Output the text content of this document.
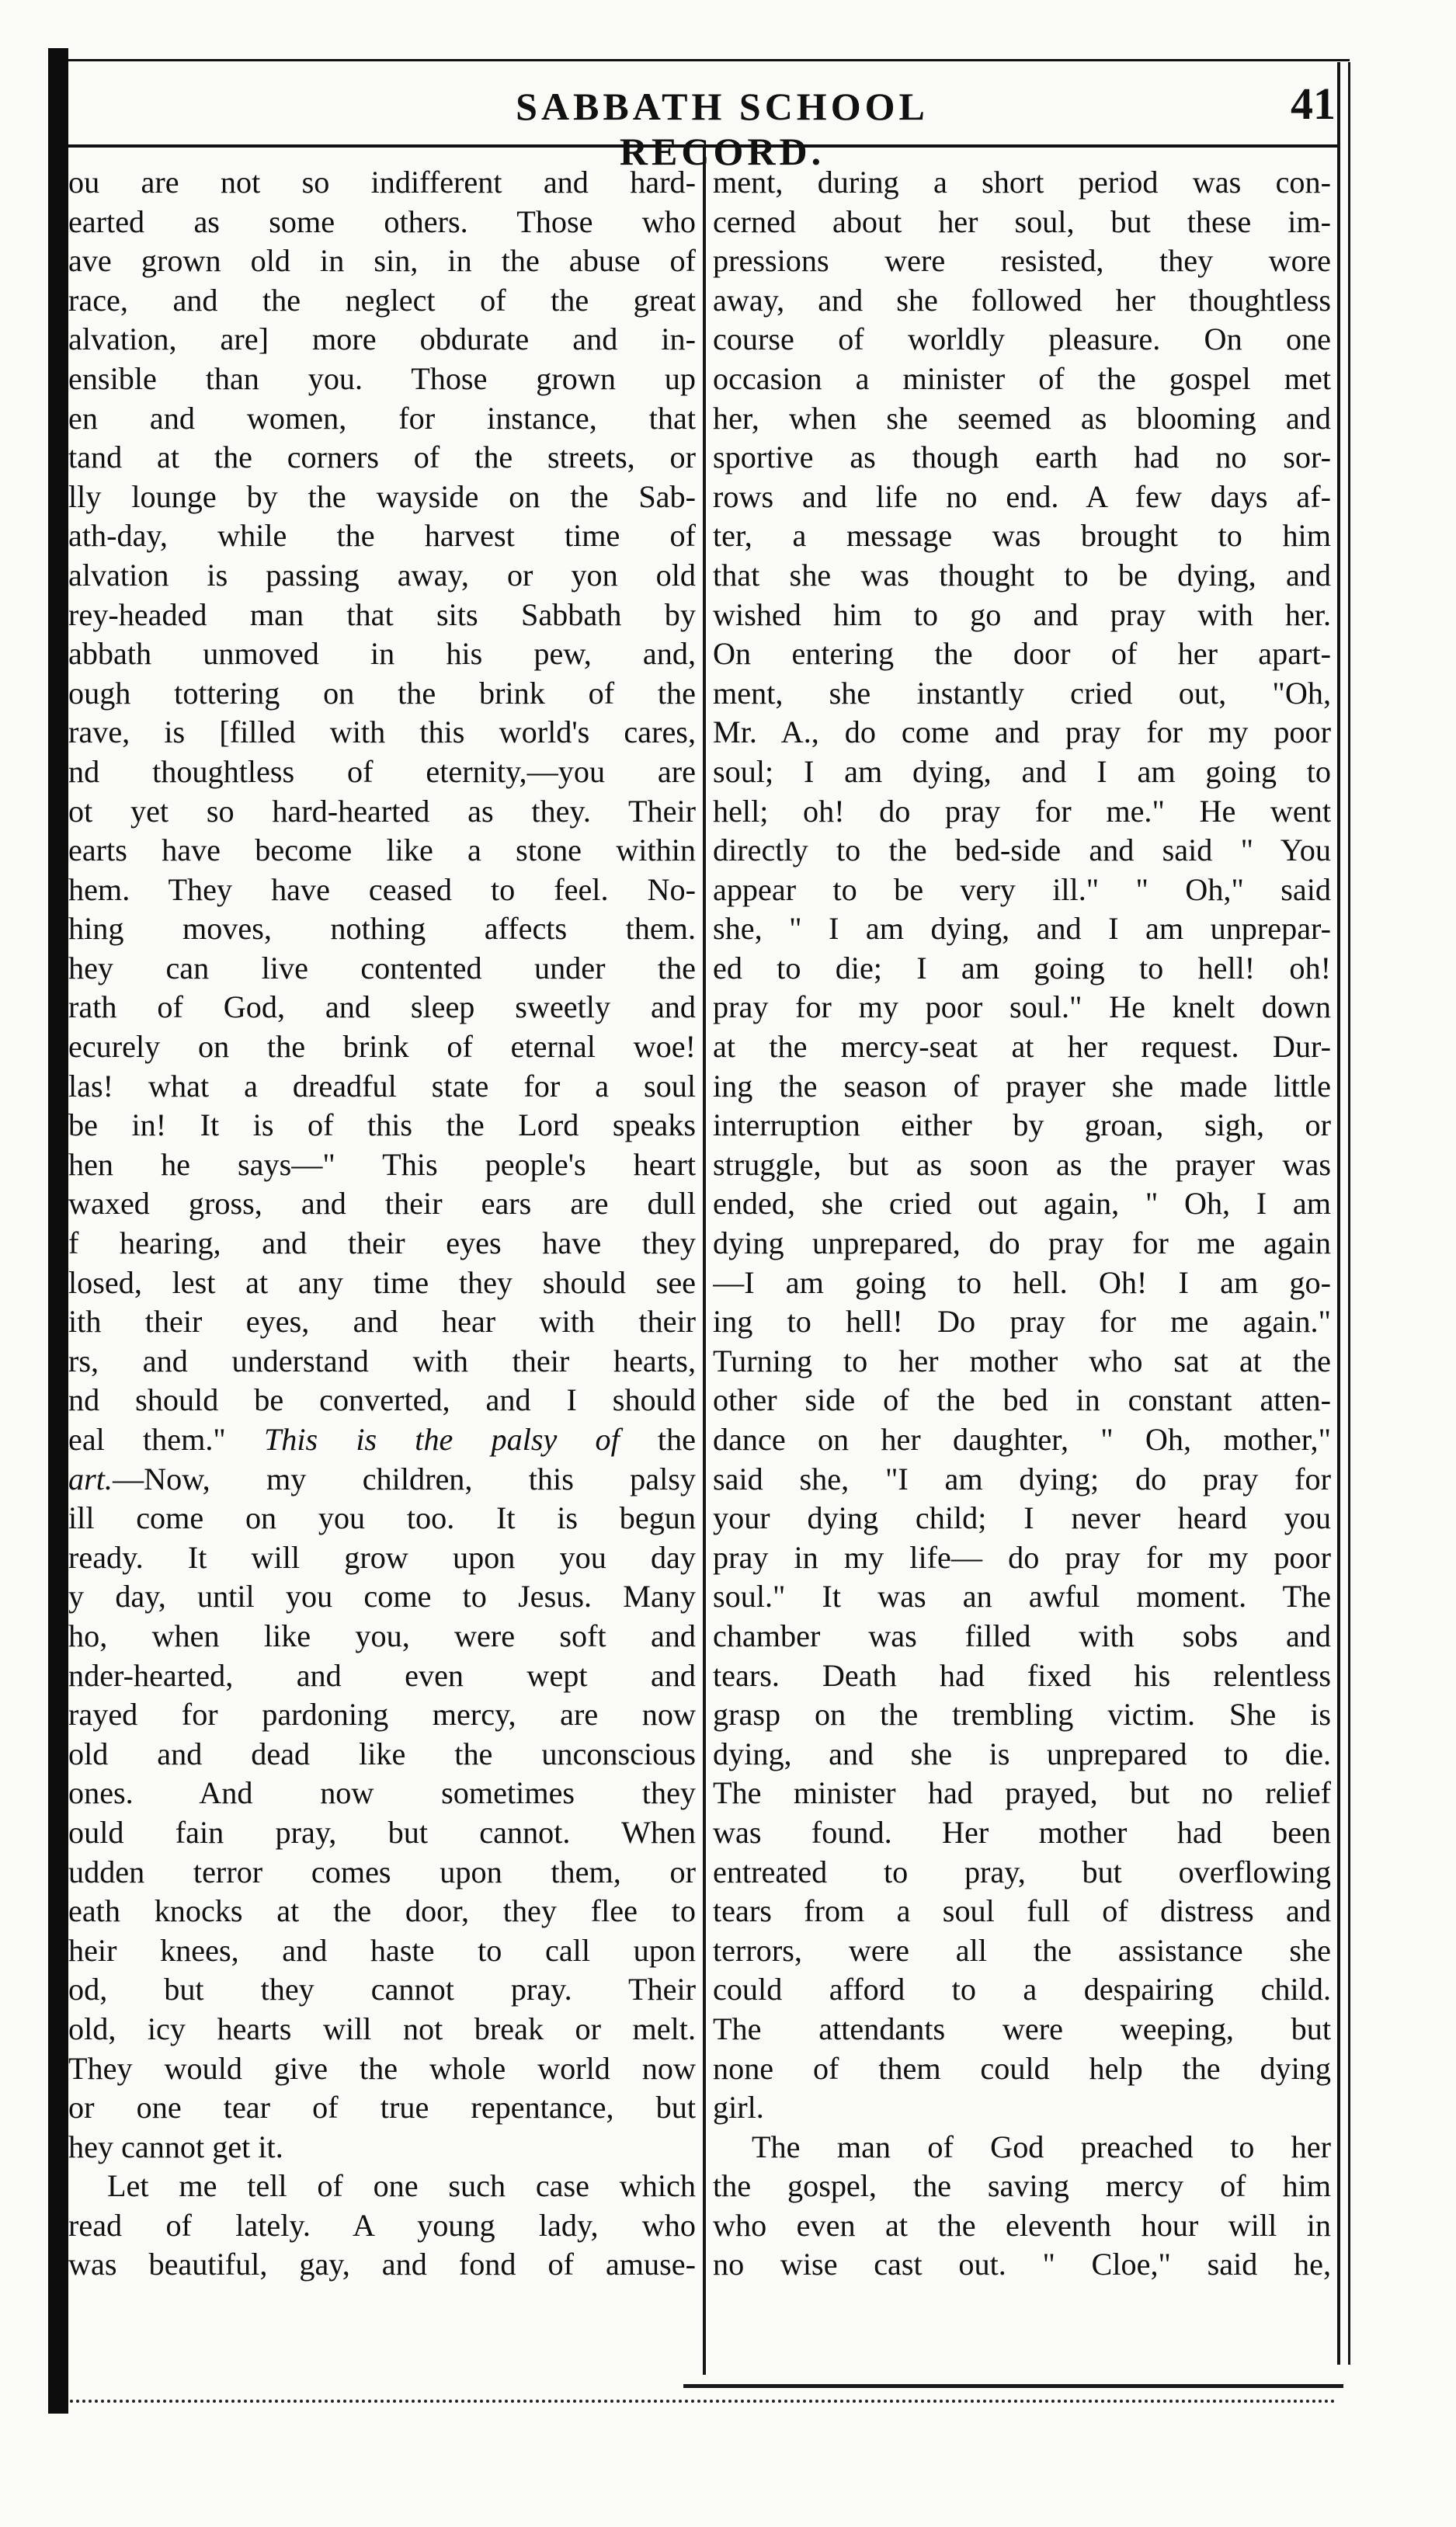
SABBATH SCHOOL RECORD.
41
ou are not so indifferent and hard-
earted as some others. Those who
ave grown old in sin, in the abuse of
race, and the neglect of the great
alvation, are] more obdurate and in-
ensible than you. Those grown up
en and women, for instance, that
tand at the corners of the streets, or
lly lounge by the wayside on the Sab-
ath-day, while the harvest time of
alvation is passing away, or yon old
rey-headed man that sits Sabbath by
abbath unmoved in his pew, and,
ough tottering on the brink of the
rave, is [filled with this world's cares,
nd thoughtless of eternity,—you are
ot yet so hard-hearted as they. Their
earts have become like a stone within
hem. They have ceased to feel. No-
hing moves, nothing affects them.
hey can live contented under the
rath of God, and sleep sweetly and
ecurely on the brink of eternal woe!
las! what a dreadful state for a soul
be in! It is of this the Lord speaks
hen he says—" This people's heart
waxed gross, and their ears are dull
f hearing, and their eyes have they
losed, lest at any time they should see
ith their eyes, and hear with their
rs, and understand with their hearts,
nd should be converted, and I should
eal them." This is the palsy of the
art.—Now, my children, this palsy
ill come on you too. It is begun
ready. It will grow upon you day
y day, until you come to Jesus. Many
ho, when like you, were soft and
nder-hearted, and even wept and
rayed for pardoning mercy, are now
old and dead like the unconscious
ones. And now sometimes they
ould fain pray, but cannot. When
udden terror comes upon them, or
eath knocks at the door, they flee to
heir knees, and haste to call upon
od, but they cannot pray. Their
old, icy hearts will not break or melt.
They would give the whole world now
or one tear of true repentance, but
hey cannot get it.
Let me tell of one such case which
read of lately. A young lady, who
was beautiful, gay, and fond of amuse-
ment, during a short period was con-
cerned about her soul, but these im-
pressions were resisted, they wore
away, and she followed her thoughtless
course of worldly pleasure. On one
occasion a minister of the gospel met
her, when she seemed as blooming and
sportive as though earth had no sor-
rows and life no end. A few days af-
ter, a message was brought to him
that she was thought to be dying, and
wished him to go and pray with her.
On entering the door of her apart-
ment, she instantly cried out, "Oh,
Mr. A., do come and pray for my poor
soul; I am dying, and I am going to
hell; oh! do pray for me." He went
directly to the bed-side and said " You
appear to be very ill." " Oh," said
she, " I am dying, and I am unprepar-
ed to die; I am going to hell! oh!
pray for my poor soul." He knelt down
at the mercy-seat at her request. Dur-
ing the season of prayer she made little
interruption either by groan, sigh, or
struggle, but as soon as the prayer was
ended, she cried out again, " Oh, I am
dying unprepared, do pray for me again
—I am going to hell. Oh! I am go-
ing to hell! Do pray for me again."
Turning to her mother who sat at the
other side of the bed in constant atten-
dance on her daughter, " Oh, mother,"
said she, "I am dying; do pray for
your dying child; I never heard you
pray in my life— do pray for my poor
soul." It was an awful moment. The
chamber was filled with sobs and
tears. Death had fixed his relentless
grasp on the trembling victim. She is
dying, and she is unprepared to die.
The minister had prayed, but no relief
was found. Her mother had been
entreated to pray, but overflowing
tears from a soul full of distress and
terrors, were all the assistance she
could afford to a despairing child.
The attendants were weeping, but
none of them could help the dying
girl.
The man of God preached to her
the gospel, the saving mercy of him
who even at the eleventh hour will in
no wise cast out. " Cloe," said he,
